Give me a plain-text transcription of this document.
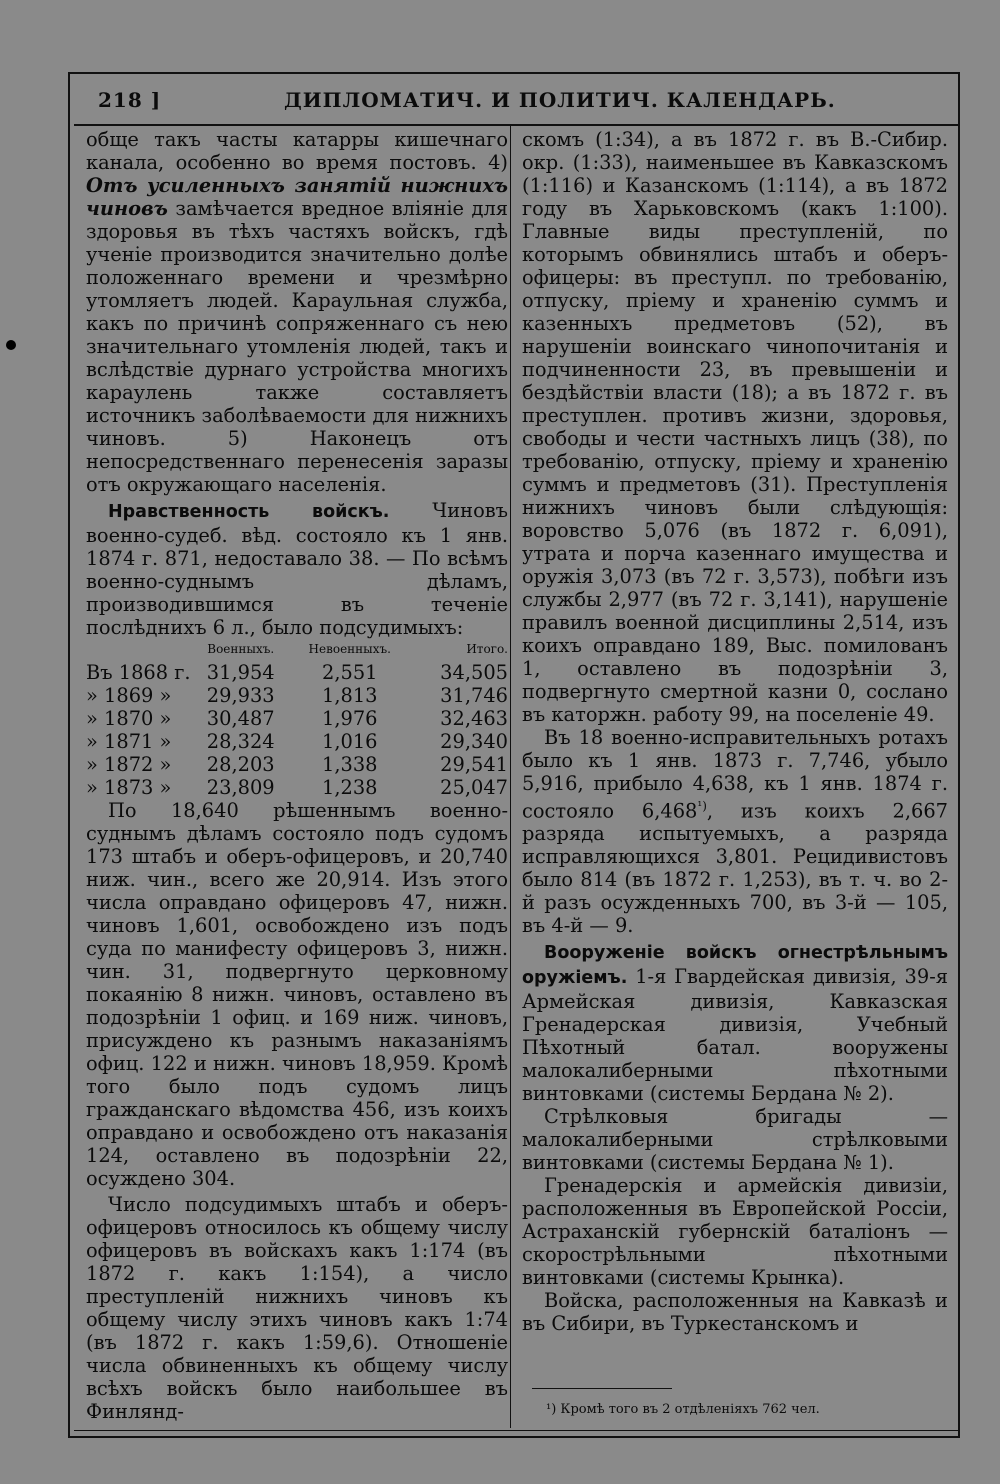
218 ]	ДИПЛОМАТИЧ. И ПОЛИТИЧ. КАЛЕНДАРЬ.

обще такъ часты катарры кишечнаго канала, особенно во время постовъ. 4) Отъ усиленныхъ занятій нижнихъ чиновъ замѣчается вредное вліяніе для здоровья въ тѣхъ частяхъ войскъ, гдѣ ученіе производится значительно долѣе положеннаго времени и чрезмѣрно утомляетъ людей. Караульная служба, какъ по причинѣ сопряженнаго съ нею значительнаго утомленія людей, такъ и вслѣдствіе дурнаго устройства многихъ караулень также составляетъ источникъ заболѣваемости для нижнихъ чиновъ. 5) Наконецъ отъ непосредственнаго перенесенія заразы отъ окружающаго населенія.

Нравственность войскъ. Чиновъ военно-судеб. вѣд. состояло къ 1 янв. 1874 г. 871, недоставало 38. — По всѣмъ военно-суднымъ дѣламъ, производившимся въ теченіе послѣднихъ 6 л., было подсудимыхъ:

	Военныхъ.	Невоенныхъ.	Итого.
Въ 1868 г.	31,954	2,551	34,505
» 1869 »	29,933	1,813	31,746
» 1870 »	30,487	1,976	32,463
» 1871 »	28,324	1,016	29,340
» 1872 »	28,203	1,338	29,541
» 1873 »	23,809	1,238	25,047

По 18,640 рѣшеннымъ военно-суднымъ дѣламъ состояло подъ судомъ 173 штабъ и оберъ-офицеровъ, и 20,740 ниж. чин., всего же 20,914. Изъ этого числа оправдано офицеровъ 47, нижн. чиновъ 1,601, освобождено изъ подъ суда по манифесту офицеровъ 3, нижн. чин. 31, подвергнуто церковному покаянію 8 нижн. чиновъ, оставлено въ подозрѣніи 1 офиц. и 169 ниж. чиновъ, присуждено къ разнымъ наказаніямъ офиц. 122 и нижн. чиновъ 18,959. Кромѣ того было подъ судомъ лицъ гражданскаго вѣдомства 456, изъ коихъ оправдано и освобождено отъ наказанія 124, оставлено въ подозрѣніи 22, осуждено 304.

Число подсудимыхъ штабъ и оберъ-офицеровъ относилось къ общему числу офицеровъ въ войскахъ какъ 1:174 (въ 1872 г. какъ 1:154), а число преступленій нижнихъ чиновъ къ общему числу этихъ чиновъ какъ 1:74 (въ 1872 г. какъ 1:59,6). Отношеніе числа обвиненныхъ къ общему числу всѣхъ войскъ было наибольшее въ Финлянд-

скомъ (1:34), а въ 1872 г. въ В.-Сибир. окр. (1:33), наименьшее въ Кавказскомъ (1:116) и Казанскомъ (1:114), а въ 1872 году въ Харьковскомъ (какъ 1:100). Главные виды преступленій, по которымъ обвинялись штабъ и оберъ-офицеры: въ преступл. по требованію, отпуску, пріему и храненію суммъ и казенныхъ предметовъ (52), въ нарушеніи воинскаго чинопочитанія и подчиненности 23, въ превышеніи и бездѣйствіи власти (18); а въ 1872 г. въ преступлен. противъ жизни, здоровья, свободы и чести частныхъ лицъ (38), по требованію, отпуску, пріему и храненію суммъ и предметовъ (31). Преступленія нижнихъ чиновъ были слѣдующія: воровство 5,076 (въ 1872 г. 6,091), утрата и порча казеннаго имущества и оружія 3,073 (въ 72 г. 3,573), побѣги изъ службы 2,977 (въ 72 г. 3,141), нарушеніе правилъ военной дисциплины 2,514, изъ коихъ оправдано 189, Выс. помилованъ 1, оставлено въ подозрѣніи 3, подвергнуто смертной казни 0, сослано въ каторжн. работу 99, на поселеніе 49.

Въ 18 военно-исправительныхъ ротахъ было къ 1 янв. 1873 г. 7,746, убыло 5,916, прибыло 4,638, къ 1 янв. 1874 г. состояло $6,468^{^1)}$, изъ коихъ 2,667 разряда испытуемыхъ, а разряда исправляющихся 3,801. Рецидивистовъ было 814 (въ 1872 г. 1,253), въ т. ч. во 2-й разъ осужденныхъ 700, въ 3-й — 105, въ 4-й — 9.

Вооруженіе войскъ огнестрѣльнымъ оружіемъ. 1-я Гвардейская дивизія, 39-я Армейская дивизія, Кавказская Гренадерская дивизія, Учебный Пѣхотный батал. вооружены малокалиберными пѣхотными винтовками (системы Бердана № 2).

Стрѣлковыя бригады — малокалиберными стрѣлковыми винтовками (системы Бердана № 1).

Гренадерскія и армейскія дивизіи, расположенныя въ Европейской Россіи, Астраханскій губернскій баталіонъ — скорострѣльными пѣхотными винтовками (системы Крынка).

Войска, расположенныя на Кавказѣ и въ Сибири, въ Туркестанскомъ и

¹) Кромѣ того въ 2 отдѣленіяхъ 762 чел.
